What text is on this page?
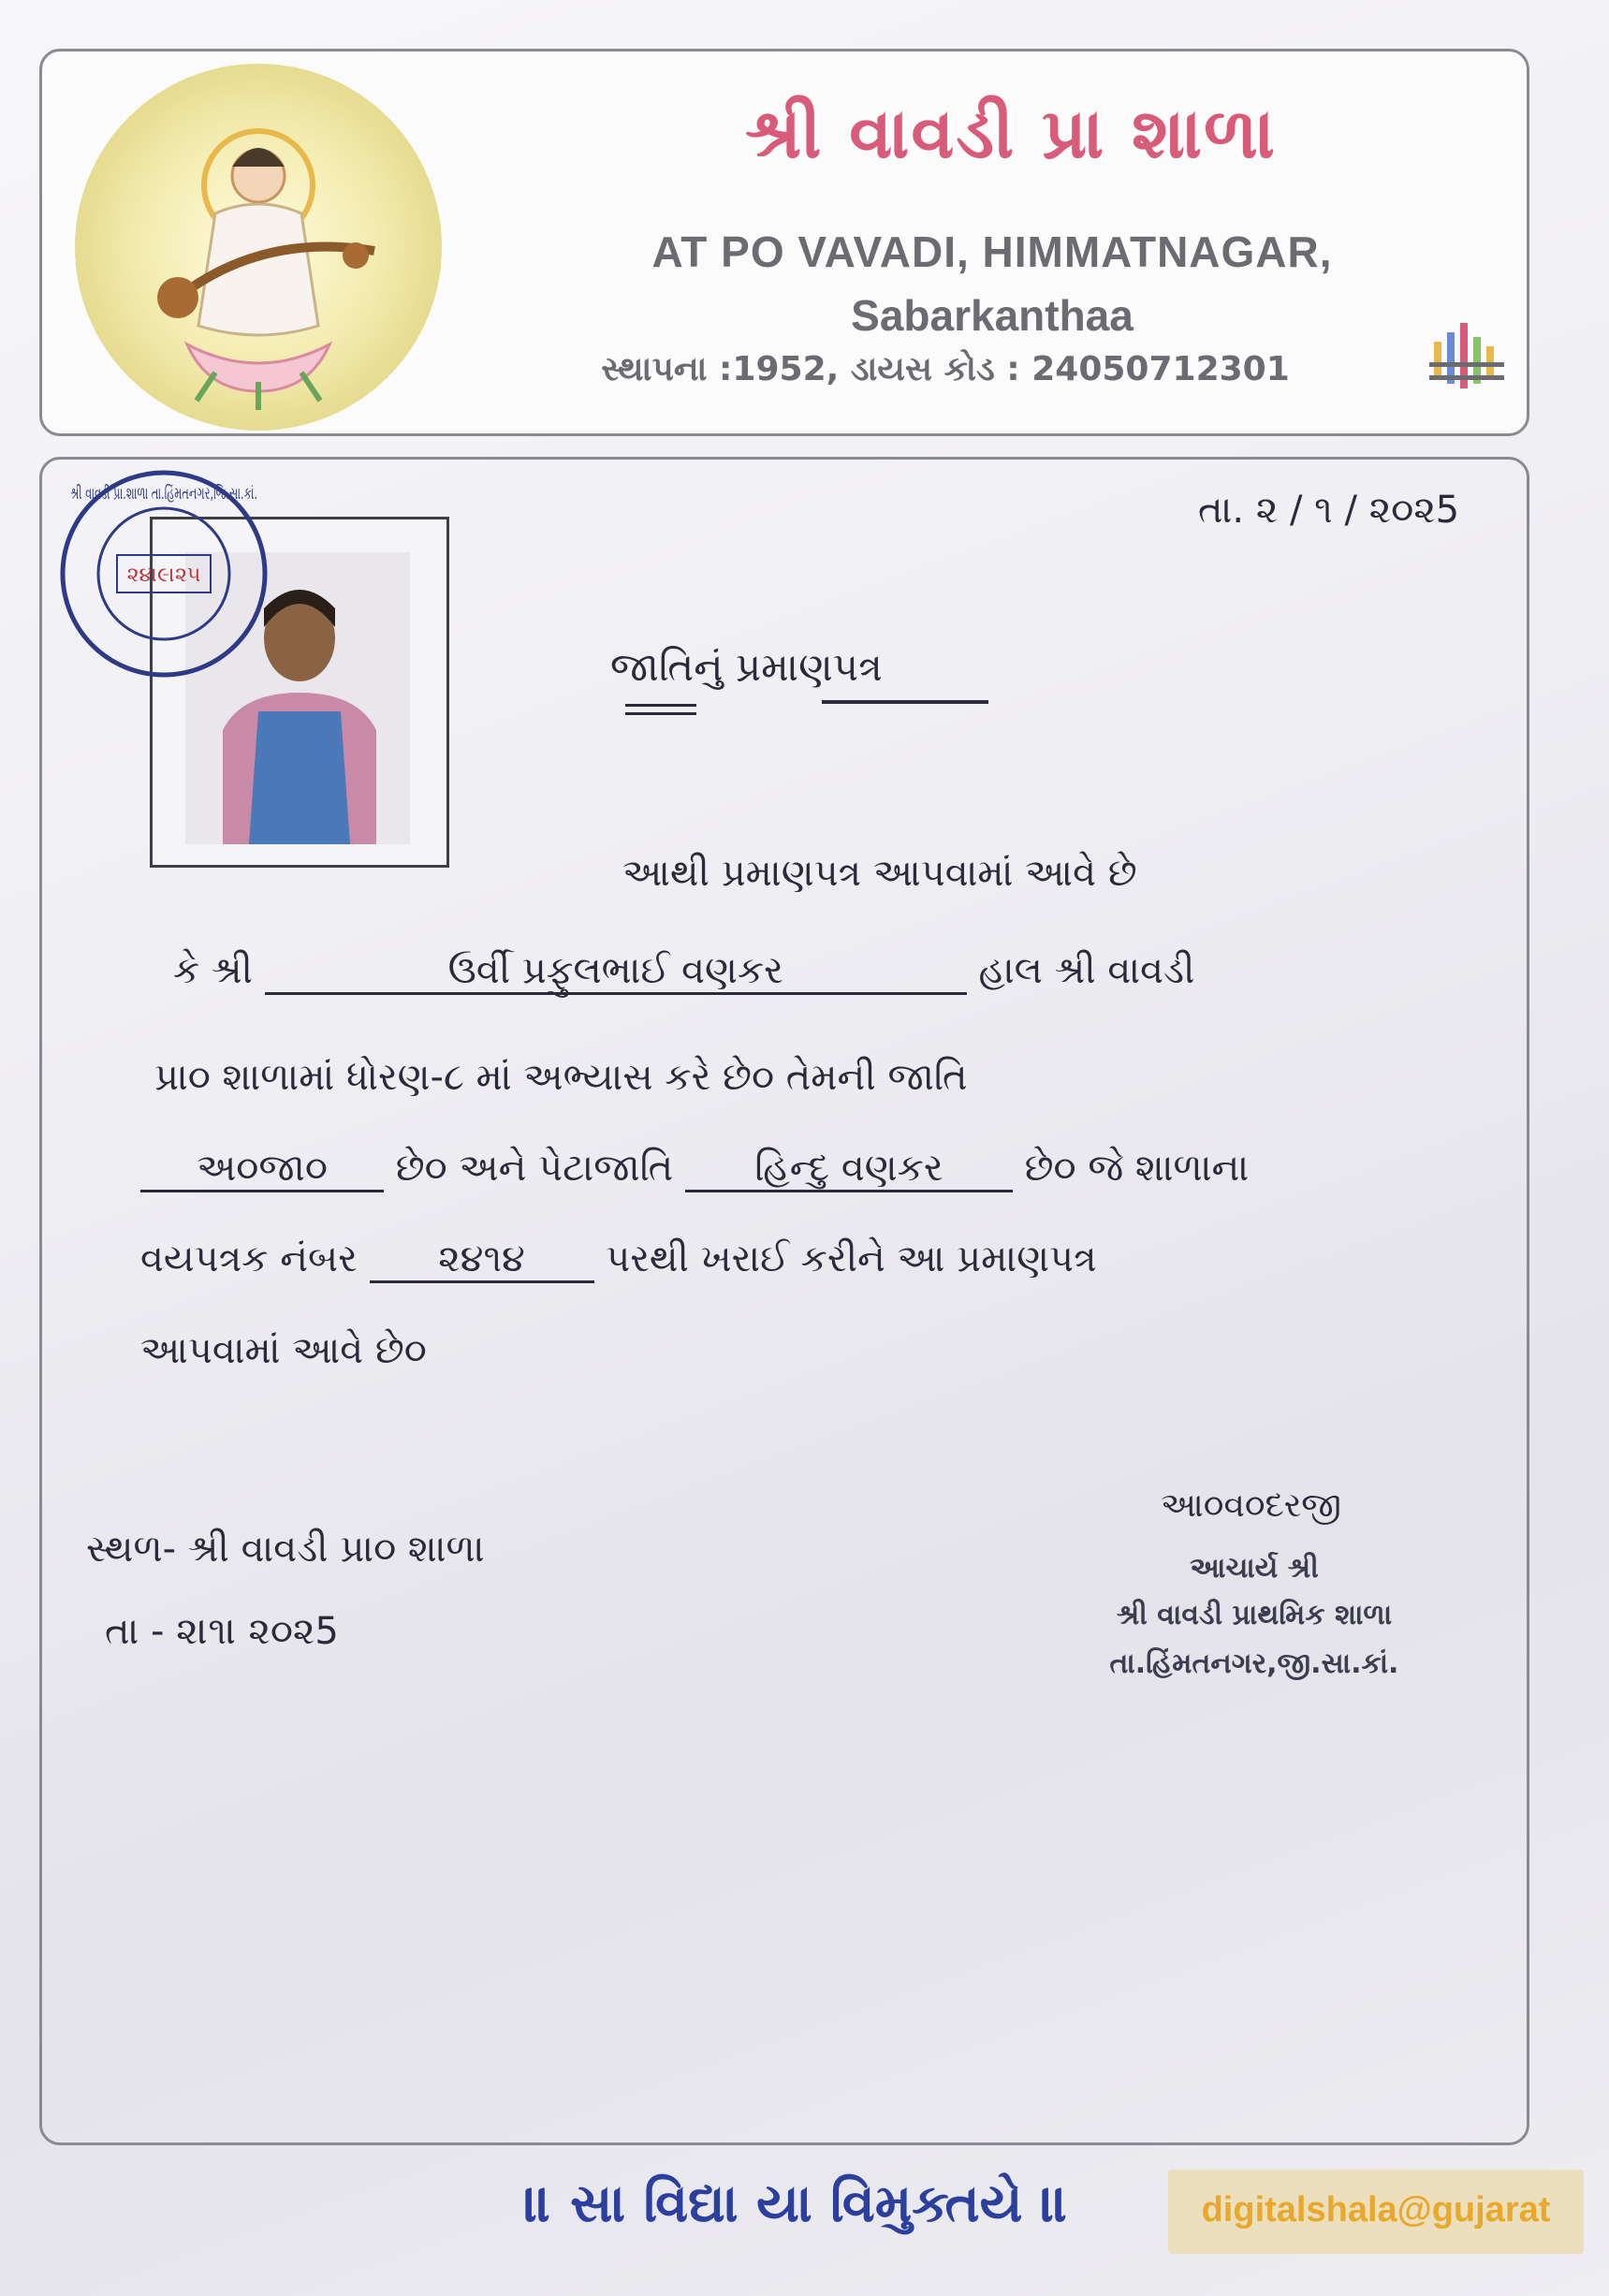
શ્રી વાવડી પ્રા શાળા
AT PO VAVADI, HIMMATNAGAR,
Sabarkanthaa
સ્થાપના :1952, ડાયસ કોડ : 24050712301
૨૪।૯।૨૫
શ્રી વાવડી પ્રા.શાળા તા.હિંમતનગર,જિ.સા.કાં.	તા. ૨ / ૧ / ૨૦૨5
જાતિનું પ્રમાણપત્ર
આથી પ્રમાણપત્ર આપવામાં આવે છે
કે શ્રી	ઉર્વી પ્રફુલભાઈ વણકર	હાલ શ્રી વાવડી
પ્રા૦ શાળામાં ધોરણ-૮ માં અભ્યાસ કરે છે૦ તેમની જાતિ
અ૦જા૦ છે૦ અને પેટાજાતિ હિન્દુ વણકર છે૦ જે શાળાના
વયપત્રક નંબર ૨૪૧૪ પરથી ખરાઈ કરીને આ પ્રમાણપત્ર
આપવામાં આવે છે૦
સ્થળ- શ્રી વાવડી પ્રા૦ શાળા
તા - ૨।૧। ૨૦૨5
આ૦વ૦દરજી
આચાર્ય શ્રી
શ્રી વાવડી પ્રાથમિક શાળા
તા.હિંમતનગર,જી.સા.કાં.
॥ સા વિદ્યા યા વિમુક્તયે ॥	digitalshala@gujarat
